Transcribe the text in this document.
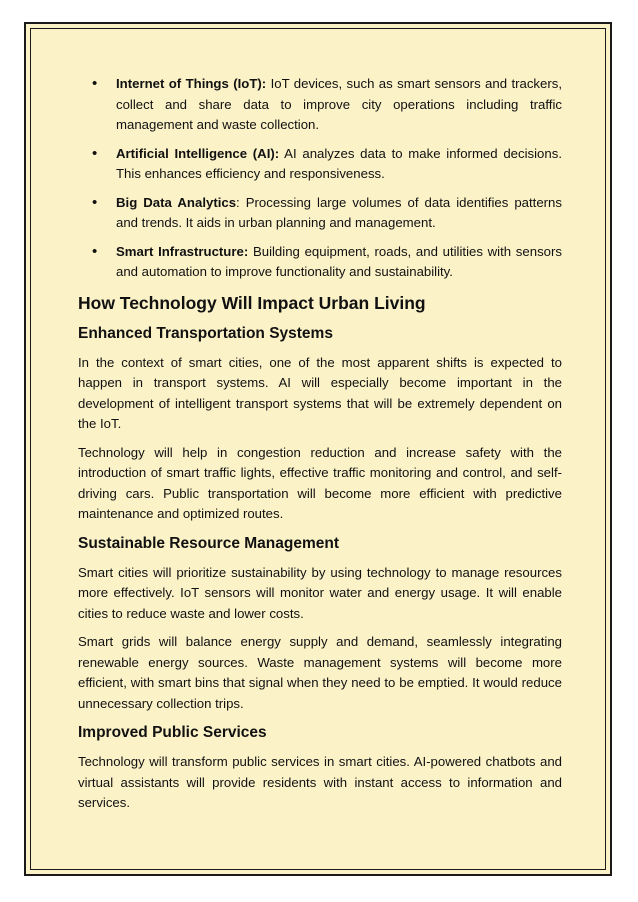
• Internet of Things (IoT): IoT devices, such as smart sensors and trackers, collect and share data to improve city operations including traffic management and waste collection.
• Artificial Intelligence (AI): AI analyzes data to make informed decisions. This enhances efficiency and responsiveness.
• Big Data Analytics: Processing large volumes of data identifies patterns and trends. It aids in urban planning and management.
• Smart Infrastructure: Building equipment, roads, and utilities with sensors and automation to improve functionality and sustainability.
How Technology Will Impact Urban Living
Enhanced Transportation Systems

In the context of smart cities, one of the most apparent shifts is expected to happen in transport systems. AI will especially become important in the development of intelligent transport systems that will be extremely dependent on the IoT.

Technology will help in congestion reduction and increase safety with the introduction of smart traffic lights, effective traffic monitoring and control, and self-driving cars. Public transportation will become more efficient with predictive maintenance and optimized routes.

Sustainable Resource Management

Smart cities will prioritize sustainability by using technology to manage resources more effectively. IoT sensors will monitor water and energy usage. It will enable cities to reduce waste and lower costs.

Smart grids will balance energy supply and demand, seamlessly integrating renewable energy sources. Waste management systems will become more efficient, with smart bins that signal when they need to be emptied. It would reduce unnecessary collection trips.

Improved Public Services

Technology will transform public services in smart cities. AI-powered chatbots and virtual assistants will provide residents with instant access to information and services.
